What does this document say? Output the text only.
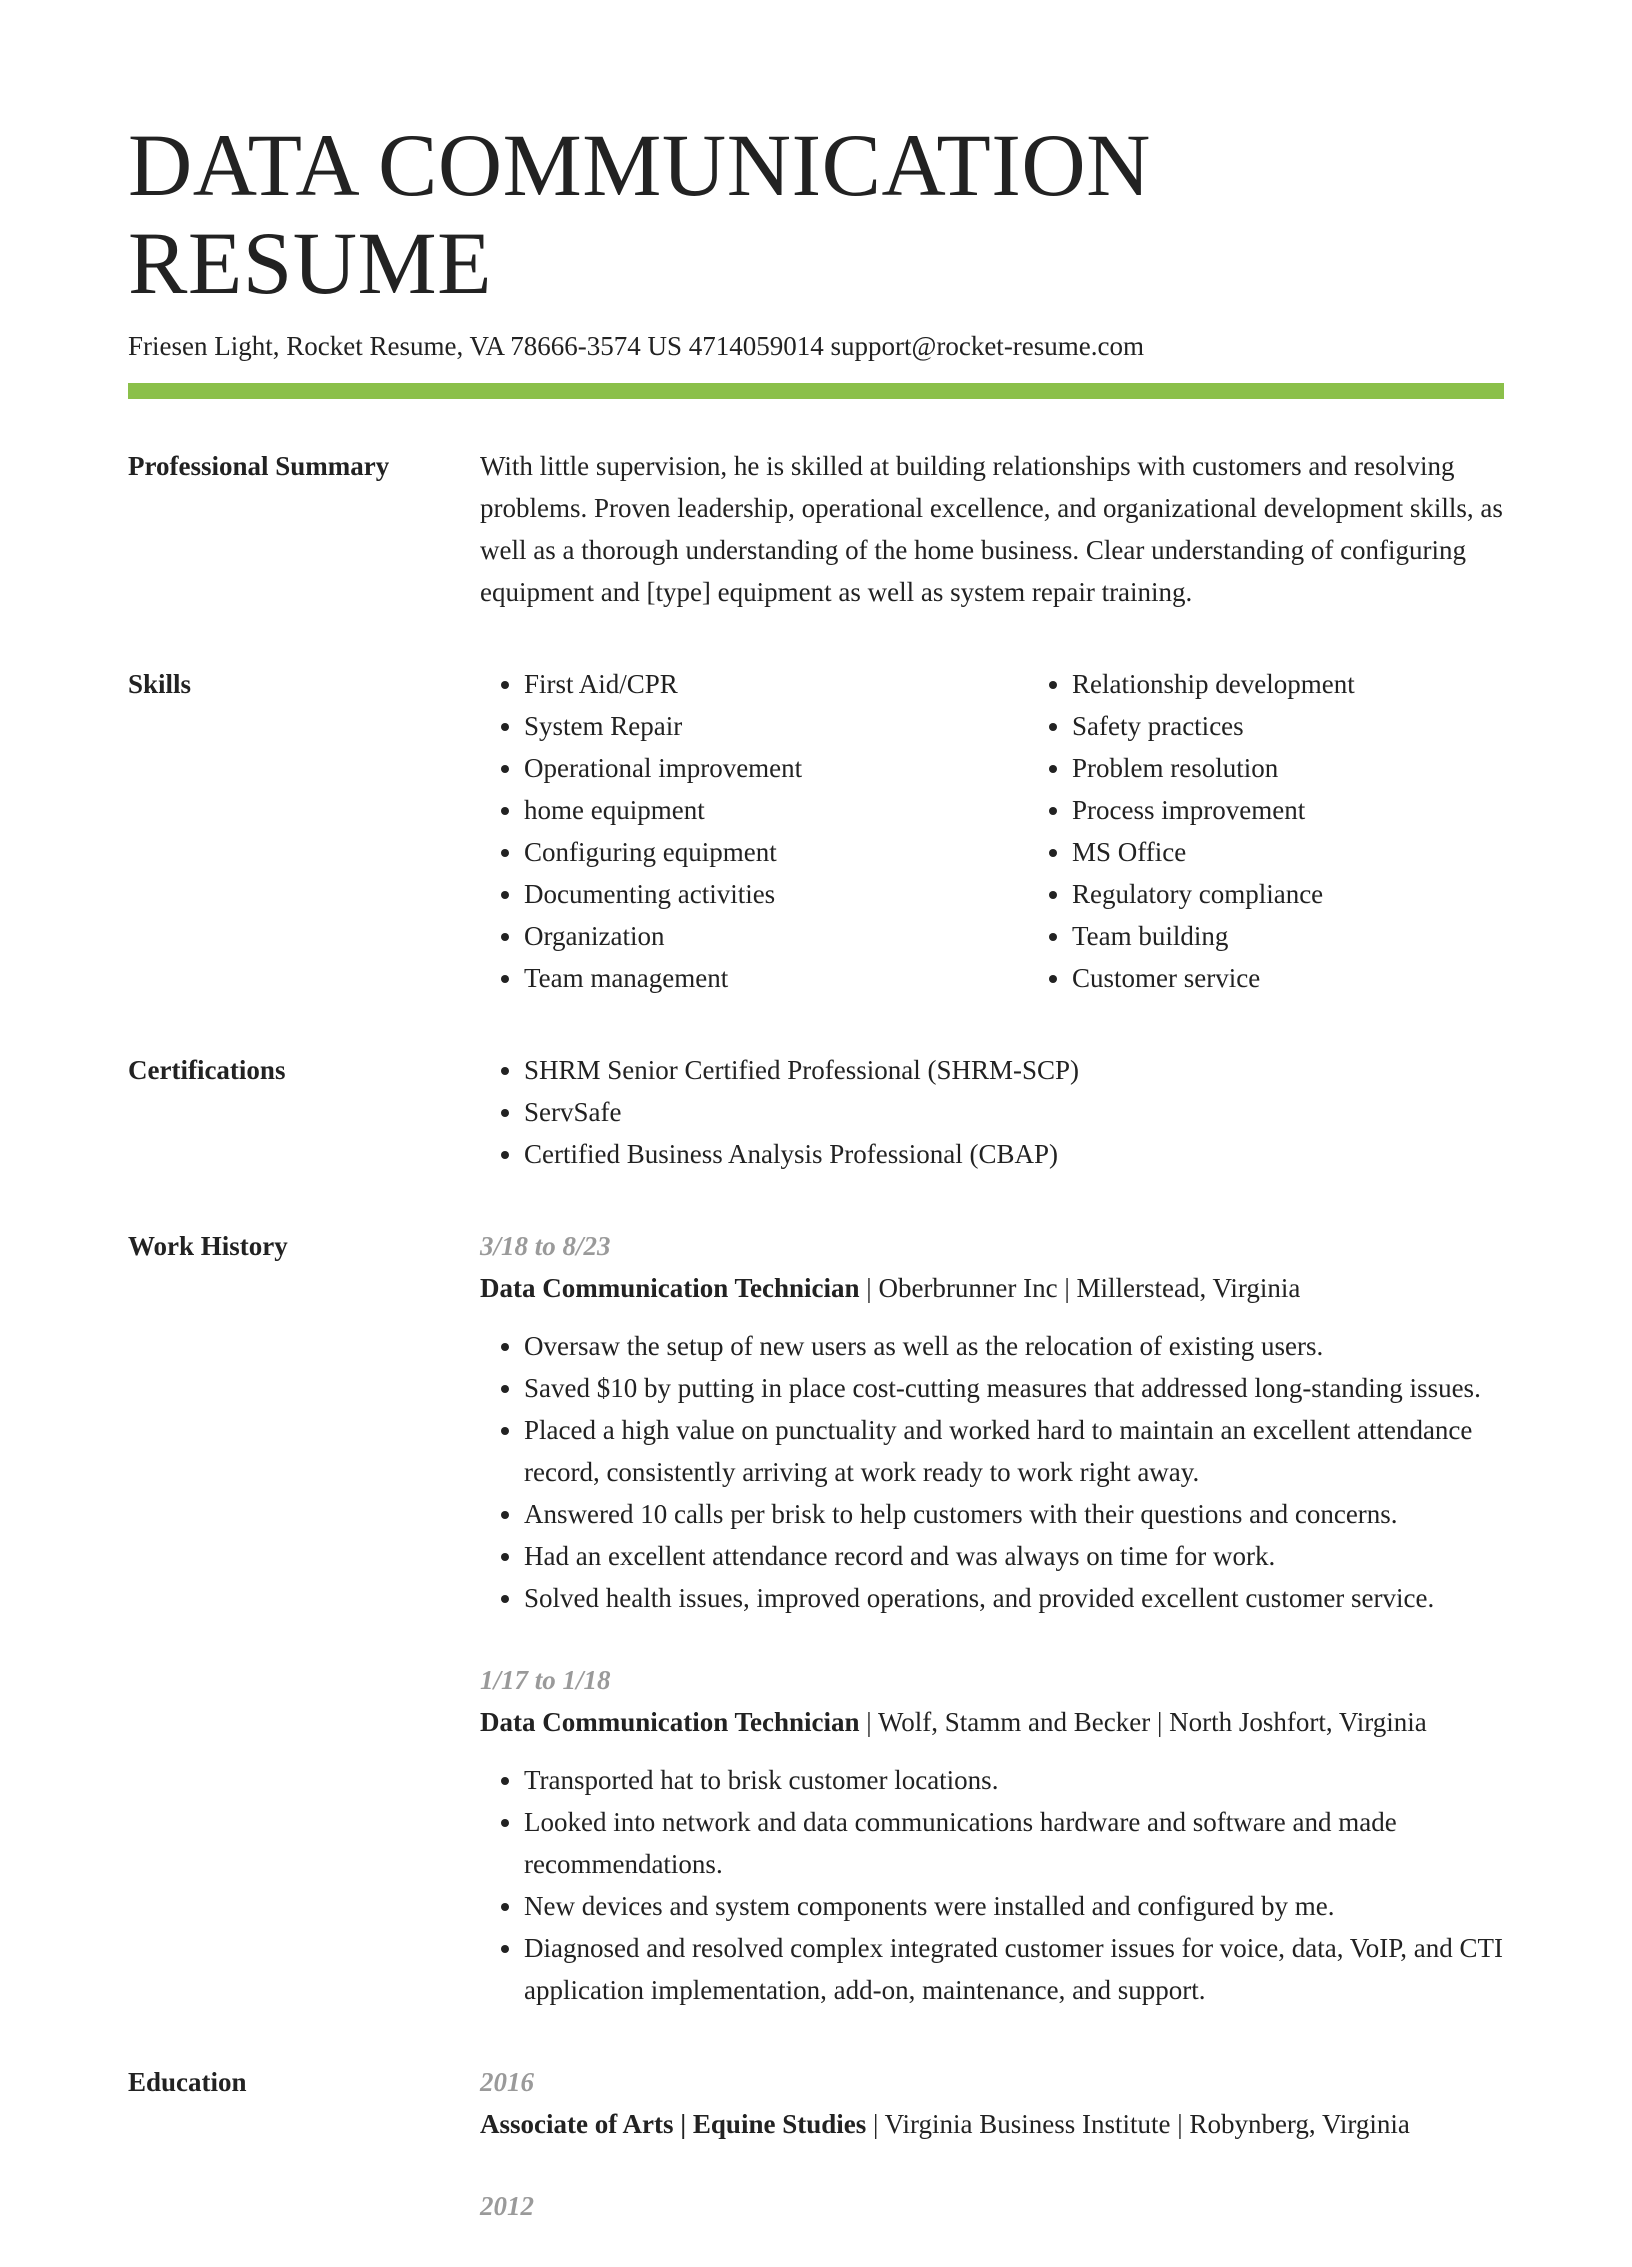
DATA COMMUNICATION RESUME
Friesen Light, Rocket Resume, VA 78666-3574 US 4714059014 support@rocket-resume.com
Professional Summary	With little supervision, he is skilled at building relationships with customers and resolving problems. Proven leadership, operational excellence, and organizational development skills, as well as a thorough understanding of the home business. Clear understanding of configuring equipment and [type] equipment as well as system repair training.

Skills	• First Aid/CPR
• System Repair
• Operational improvement
• home equipment
• Configuring equipment
• Documenting activities
• Organization
• Team management
• Relationship development
• Safety practices
• Problem resolution
• Process improvement
• MS Office
• Regulatory compliance
• Team building
• Customer service
Certifications	• SHRM Senior Certified Professional (SHRM-SCP)
• ServSafe
• Certified Business Analysis Professional (CBAP)
Work History	3/18 to 8/23
Data Communication Technician | Oberbrunner Inc | Millerstead, Virginia
• Oversaw the setup of new users as well as the relocation of existing users.
• Saved $10 by putting in place cost-cutting measures that addressed long-standing issues.
• Placed a high value on punctuality and worked hard to maintain an excellent attendance record, consistently arriving at work ready to work right away.
• Answered 10 calls per brisk to help customers with their questions and concerns.
• Had an excellent attendance record and was always on time for work.
• Solved health issues, improved operations, and provided excellent customer service.
1/17 to 1/18
Data Communication Technician | Wolf, Stamm and Becker | North Joshfort, Virginia
• Transported hat to brisk customer locations.
• Looked into network and data communications hardware and software and made recommendations.
• New devices and system components were installed and configured by me.
• Diagnosed and resolved complex integrated customer issues for voice, data, VoIP, and CTI application implementation, add-on, maintenance, and support.
Education	2016
Associate of Arts | Equine Studies | Virginia Business Institute | Robynberg, Virginia
2012
